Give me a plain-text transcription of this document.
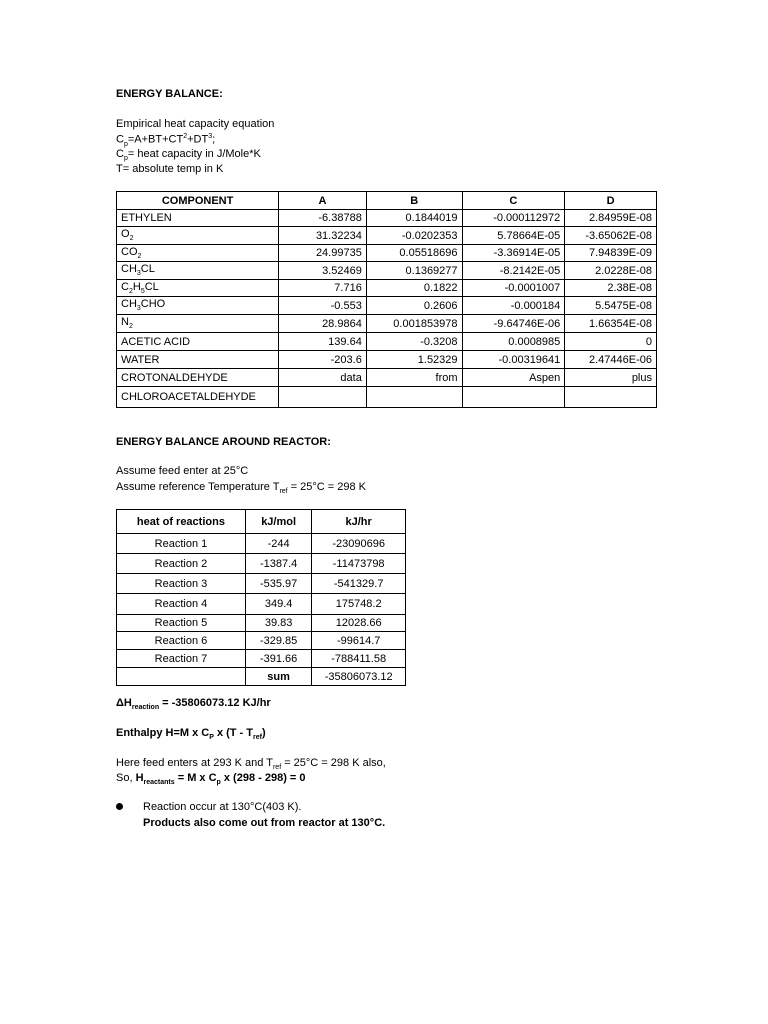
ENERGY BALANCE:
Empirical heat capacity equation
$C_p=A+BT+CT^2+DT^3$;
$C_p=$ heat capacity in J/Mole*K
T= absolute temp in K
COMPONENT	A	B	C	D
ETHYLEN	-6.38788	0.1844019	-0.000112972	2.84959E-08
$O_2$	31.32234	-0.0202353	5.78664E-05	-3.65062E-08
$CO_2$	24.99735	0.05518696	-3.36914E-05	7.94839E-09
$CH_3CL$	3.52469	0.1369277	-8.2142E-05	2.0228E-08
$C_2H_5CL$	7.716	0.1822	-0.0001007	2.38E-08
$CH_3CHO$	-0.553	0.2606	-0.000184	5.5475E-08
$N_2$	28.9864	0.001853978	-9.64746E-06	1.66354E-08
ACETIC ACID	139.64	-0.3208	0.0008985	0
WATER	-203.6	1.52329	-0.00319641	2.47446E-06
CROTONALDEHYDE	data	from	Aspen	plus
CHLOROACETALDEHYDE				
ENERGY BALANCE AROUND REACTOR:
Assume feed enter at 25°C
Assume reference Temperature $T_{ref} = 25^\circ C = 298$ K
heat of reactions	kJ/mol	kJ/hr
Reaction 1	-244	-23090696
Reaction 2	-1387.4	-11473798
Reaction 3	-535.97	-541329.7
Reaction 4	349.4	175748.2
Reaction 5	39.83	12028.66
Reaction 6	-329.85	-99614.7
Reaction 7	-391.66	-788411.58
	sum	-35806073.12
$\Delta H_{reaction} = -35806073.12$ KJ/hr
Enthalpy H=M x $C_P$ x $(T - T_{ref})$
Here feed enters at 293 K and $T_{ref} = 25^\circ C = 298$ K also,
So, $H_{reactants} = M$ x $C_p$ x (298 - 298) = 0
Reaction occur at 130°C(403 K).
Products also come out from reactor at 130°C.
